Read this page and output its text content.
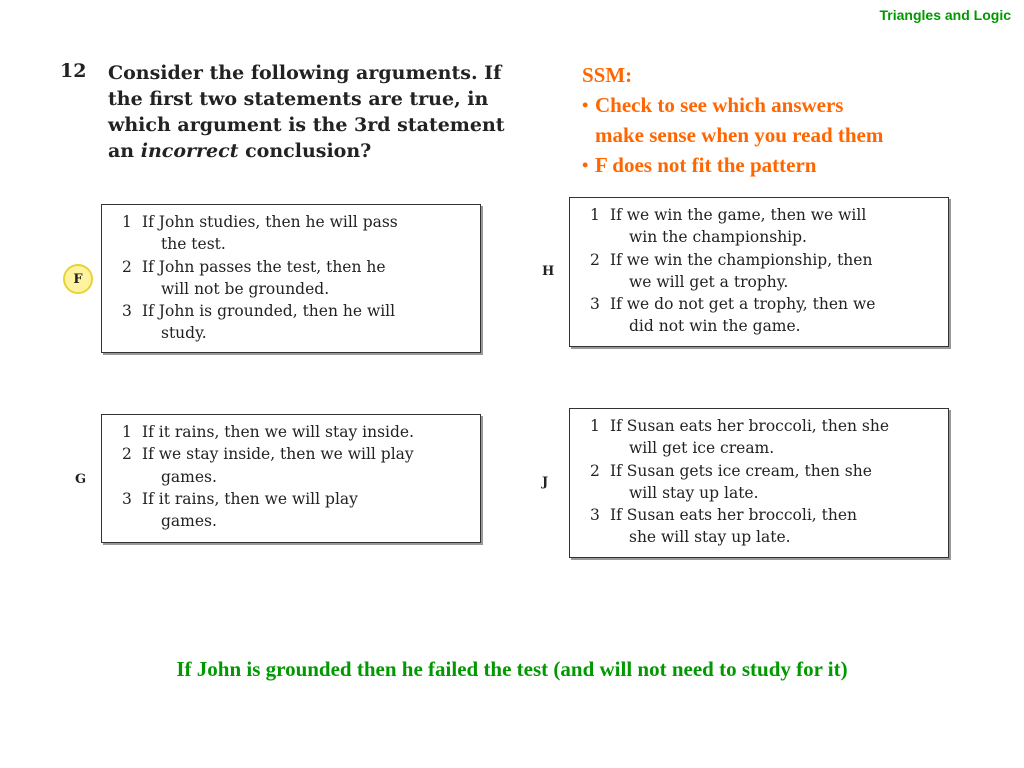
Triangles and Logic
12 Consider the following arguments. If
the first two statements are true, in
which argument is the 3rd statement
an incorrect conclusion?
SSM:
• Check to see which answers
make sense when you read them
• F does not fit the pattern
F
1 If John studies, then he will pass
the test.
2 If John passes the test, then he
will not be grounded.
3 If John is grounded, then he will
study.
G
1 If it rains, then we will stay inside.
2 If we stay inside, then we will play
games.
3 If it rains, then we will play
games.
H
1 If we win the game, then we will
win the championship.
2 If we win the championship, then
we will get a trophy.
3 If we do not get a trophy, then we
did not win the game.
J
1 If Susan eats her broccoli, then she
will get ice cream.
2 If Susan gets ice cream, then she
will stay up late.
3 If Susan eats her broccoli, then
she will stay up late.
If John is grounded then he failed the test (and will not need to study for it)
